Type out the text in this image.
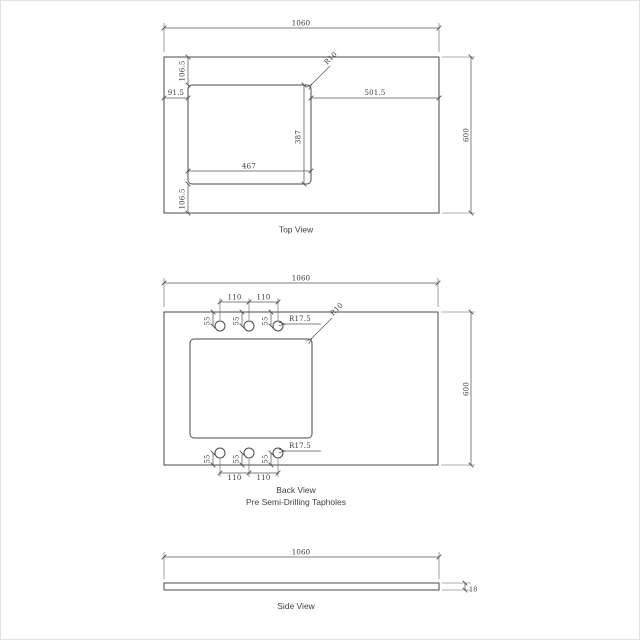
1060
600
106.5
91.5
R10
501.5
387
467
106.5
Top View
1060
600
110 110
55	55	55	R17.5
R10
55	55	55
110 110
R17.5
Back View
Pre Semi-Drilling Tapholes
1060
18
Side View
